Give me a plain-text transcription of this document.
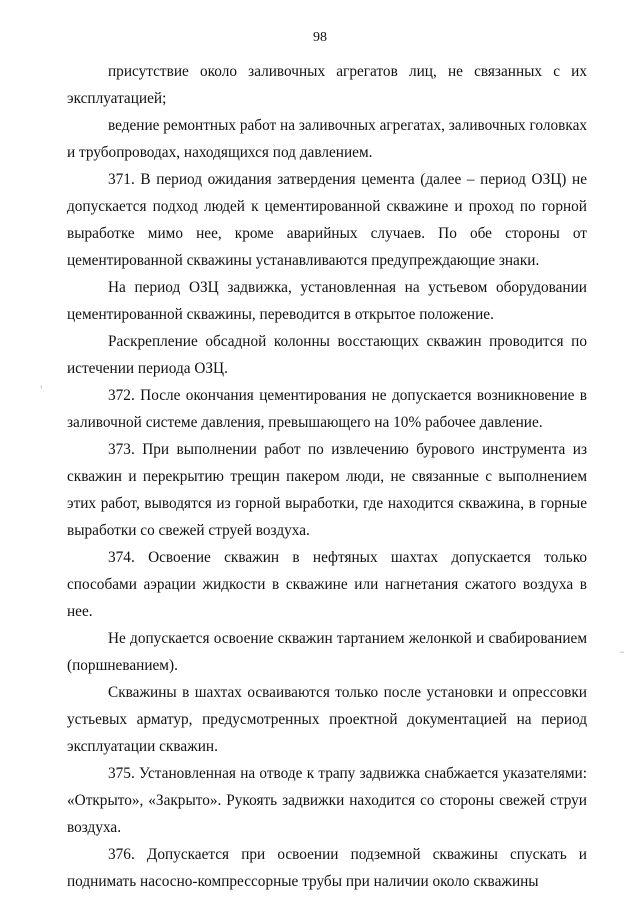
98

присутствие около заливочных агрегатов лиц, не связанных с их эксплуатацией;

ведение ремонтных работ на заливочных агрегатах, заливочных головках и трубопроводах, находящихся под давлением.

371. В период ожидания затвердения цемента (далее – период ОЗЦ) не допускается подход людей к цементированной скважине и проход по горной выработке мимо нее, кроме аварийных случаев. По обе стороны от цементированной скважины устанавливаются предупреждающие знаки.

На период ОЗЦ задвижка, установленная на устьевом оборудовании цементированной скважины, переводится в открытое положение.

Раскрепление обсадной колонны восстающих скважин проводится по истечении периода ОЗЦ.

372. После окончания цементирования не допускается возникновение в заливочной системе давления, превышающего на 10% рабочее давление.

373. При выполнении работ по извлечению бурового инструмента из скважин и перекрытию трещин пакером люди, не связанные с выполнением этих работ, выводятся из горной выработки, где находится скважина, в горные выработки со свежей струей воздуха.

374. Освоение скважин в нефтяных шахтах допускается только способами аэрации жидкости в скважине или нагнетания сжатого воздуха в нее.

Не допускается освоение скважин тартанием желонкой и свабированием (поршневанием).

Скважины в шахтах осваиваются только после установки и опрессовки устьевых арматур, предусмотренных проектной документацией на период эксплуатации скважин.

375. Установленная на отводе к трапу задвижка снабжается указателями: «Открыто», «Закрыто». Рукоять задвижки находится со стороны свежей струи воздуха.

376. Допускается при освоении подземной скважины спускать и поднимать насосно-компрессорные трубы при наличии около скважины

‹
~
